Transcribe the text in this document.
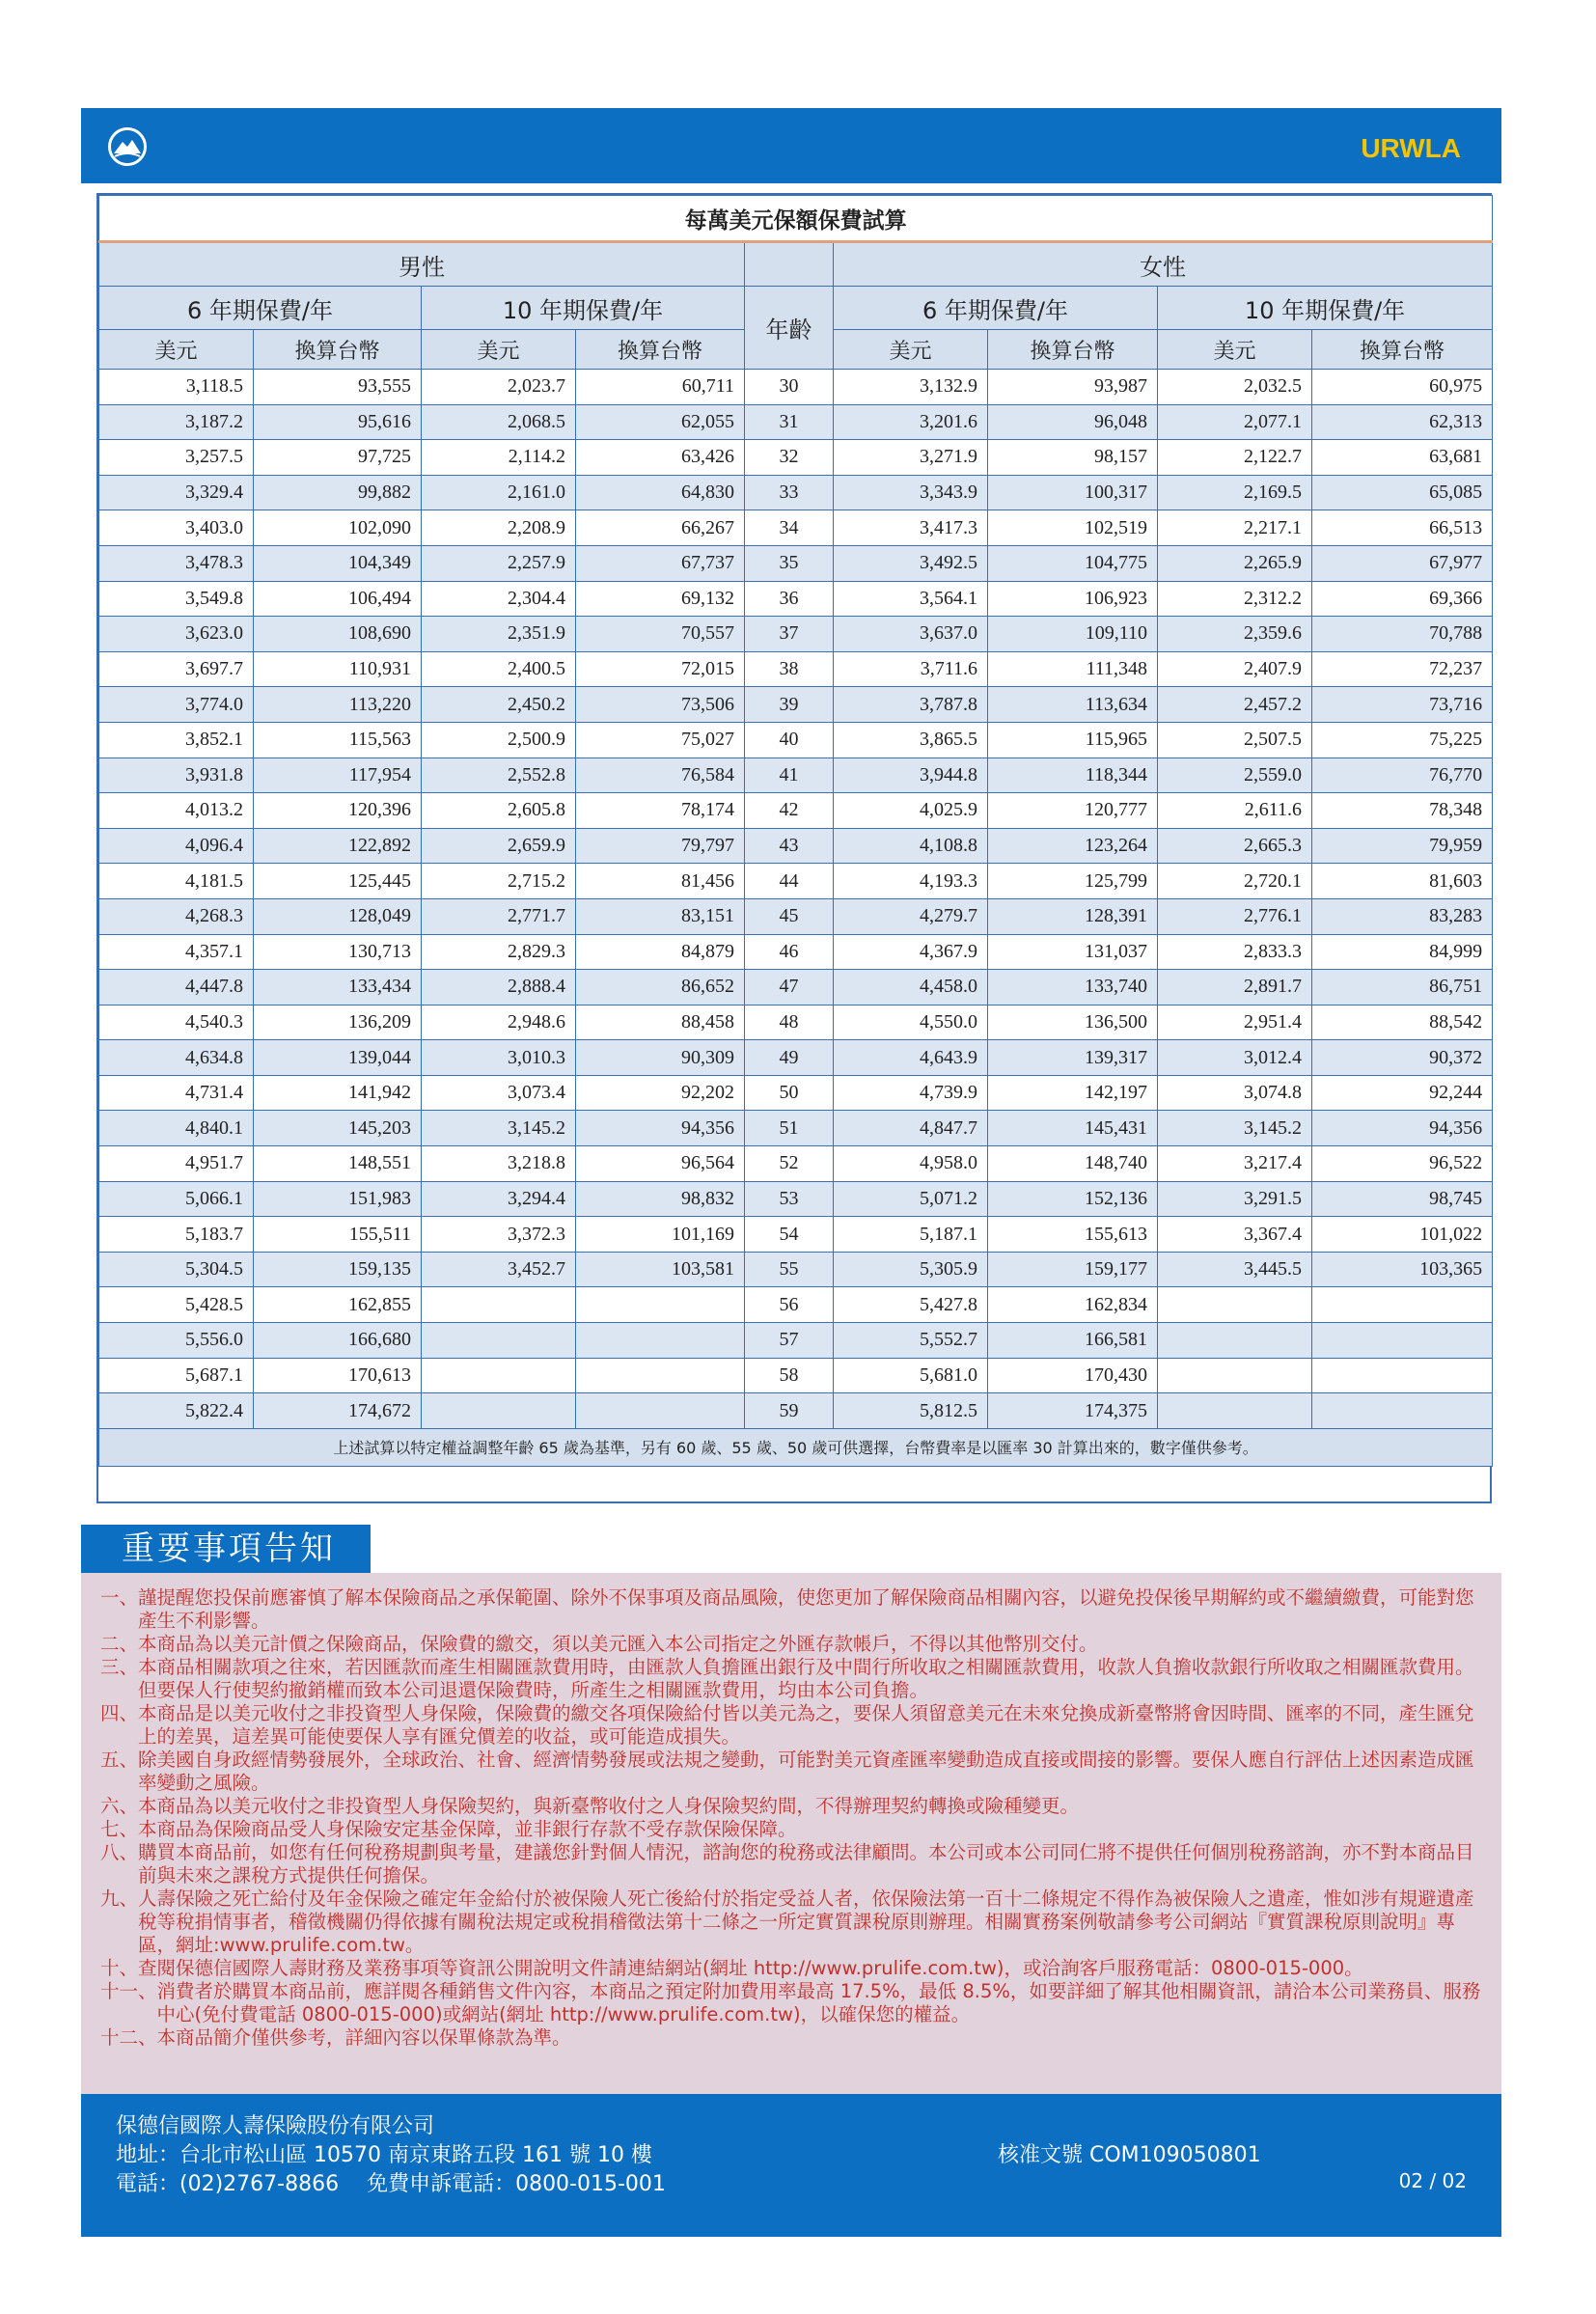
URWLA
每萬美元保額保費試算								
男性					女性			
6 年期保費/年		10 年期保費/年		年齡	6 年期保費/年		10 年期保費/年	
美元	換算台幣	美元	換算台幣		美元	換算台幣	美元	換算台幣
3,118.5	93,555	2,023.7	60,711	30	3,132.9	93,987	2,032.5	60,975
3,187.2	95,616	2,068.5	62,055	31	3,201.6	96,048	2,077.1	62,313
3,257.5	97,725	2,114.2	63,426	32	3,271.9	98,157	2,122.7	63,681
3,329.4	99,882	2,161.0	64,830	33	3,343.9	100,317	2,169.5	65,085
3,403.0	102,090	2,208.9	66,267	34	3,417.3	102,519	2,217.1	66,513
3,478.3	104,349	2,257.9	67,737	35	3,492.5	104,775	2,265.9	67,977
3,549.8	106,494	2,304.4	69,132	36	3,564.1	106,923	2,312.2	69,366
3,623.0	108,690	2,351.9	70,557	37	3,637.0	109,110	2,359.6	70,788
3,697.7	110,931	2,400.5	72,015	38	3,711.6	111,348	2,407.9	72,237
3,774.0	113,220	2,450.2	73,506	39	3,787.8	113,634	2,457.2	73,716
3,852.1	115,563	2,500.9	75,027	40	3,865.5	115,965	2,507.5	75,225
3,931.8	117,954	2,552.8	76,584	41	3,944.8	118,344	2,559.0	76,770
4,013.2	120,396	2,605.8	78,174	42	4,025.9	120,777	2,611.6	78,348
4,096.4	122,892	2,659.9	79,797	43	4,108.8	123,264	2,665.3	79,959
4,181.5	125,445	2,715.2	81,456	44	4,193.3	125,799	2,720.1	81,603
4,268.3	128,049	2,771.7	83,151	45	4,279.7	128,391	2,776.1	83,283
4,357.1	130,713	2,829.3	84,879	46	4,367.9	131,037	2,833.3	84,999
4,447.8	133,434	2,888.4	86,652	47	4,458.0	133,740	2,891.7	86,751
4,540.3	136,209	2,948.6	88,458	48	4,550.0	136,500	2,951.4	88,542
4,634.8	139,044	3,010.3	90,309	49	4,643.9	139,317	3,012.4	90,372
4,731.4	141,942	3,073.4	92,202	50	4,739.9	142,197	3,074.8	92,244
4,840.1	145,203	3,145.2	94,356	51	4,847.7	145,431	3,145.2	94,356
4,951.7	148,551	3,218.8	96,564	52	4,958.0	148,740	3,217.4	96,522
5,066.1	151,983	3,294.4	98,832	53	5,071.2	152,136	3,291.5	98,745
5,183.7	155,511	3,372.3	101,169	54	5,187.1	155,613	3,367.4	101,022
5,304.5	159,135	3,452.7	103,581	55	5,305.9	159,177	3,445.5	103,365
5,428.5	162,855			56	5,427.8	162,834		
5,556.0	166,680			57	5,552.7	166,581		
5,687.1	170,613			58	5,681.0	170,430		
5,822.4	174,672			59	5,812.5	174,375		
上述試算以特定權益調整年齡 65 歲為基準，另有 60 歲、55 歲、50 歲可供選擇，台幣費率是以匯率 30 計算出來的，數字僅供參考。								
重要事項告知
一、 謹提醒您投保前應審慎了解本保險商品之承保範圍、除外不保事項及商品風險，使您更加了解保險商品相關內容，以避免投保後早期解約或不繼續繳費，可能對您產生不利影響。
二、 本商品為以美元計價之保險商品，保險費的繳交，須以美元匯入本公司指定之外匯存款帳戶，不得以其他幣別交付。
三、 本商品相關款項之往來，若因匯款而產生相關匯款費用時，由匯款人負擔匯出銀行及中間行所收取之相關匯款費用，收款人負擔收款銀行所收取之相關匯款費用。但要保人行使契約撤銷權而致本公司退還保險費時，所產生之相關匯款費用，均由本公司負擔。
四、 本商品是以美元收付之非投資型人身保險，保險費的繳交各項保險給付皆以美元為之，要保人須留意美元在未來兌換成新臺幣將會因時間、匯率的不同，產生匯兌上的差異，這差異可能使要保人享有匯兌價差的收益，或可能造成損失。
五、 除美國自身政經情勢發展外，全球政治、社會、經濟情勢發展或法規之變動，可能對美元資產匯率變動造成直接或間接的影響。要保人應自行評估上述因素造成匯率變動之風險。
六、 本商品為以美元收付之非投資型人身保險契約，與新臺幣收付之人身保險契約間，不得辦理契約轉換或險種變更。
七、 本商品為保險商品受人身保險安定基金保障，並非銀行存款不受存款保險保障。
八、 購買本商品前，如您有任何稅務規劃與考量，建議您針對個人情況，諮詢您的稅務或法律顧問。本公司或本公司同仁將不提供任何個別稅務諮詢，亦不對本商品目前與未來之課稅方式提供任何擔保。
九、 人壽保險之死亡給付及年金保險之確定年金給付於被保險人死亡後給付於指定受益人者，依保險法第一百十二條規定不得作為被保險人之遺產，惟如涉有規避遺產稅等稅捐情事者，稽徵機關仍得依據有關稅法規定或稅捐稽徵法第十二條之一所定實質課稅原則辦理。相關實務案例敬請參考公司網站『實質課稅原則說明』專區，網址:www.prulife.com.tw。
十、 查閱保德信國際人壽財務及業務事項等資訊公開說明文件請連結網站(網址 http://www.prulife.com.tw)，或洽詢客戶服務電話：0800-015-000。
十一、 消費者於購買本商品前，應詳閱各種銷售文件內容，本商品之預定附加費用率最高 17.5%，最低 8.5%，如要詳細了解其他相關資訊，請洽本公司業務員、服務中心(免付費電話 0800-015-000)或網站(網址 http://www.prulife.com.tw)，以確保您的權益。
十二、 本商品簡介僅供參考，詳細內容以保單條款為準。
保德信國際人壽保險股份有限公司
地址：台北市松山區 10570 南京東路五段 161 號 10 樓
電話：(02)2767-8866　 免費申訴電話：0800-015-001
核准文號 COM109050801
02 / 02
